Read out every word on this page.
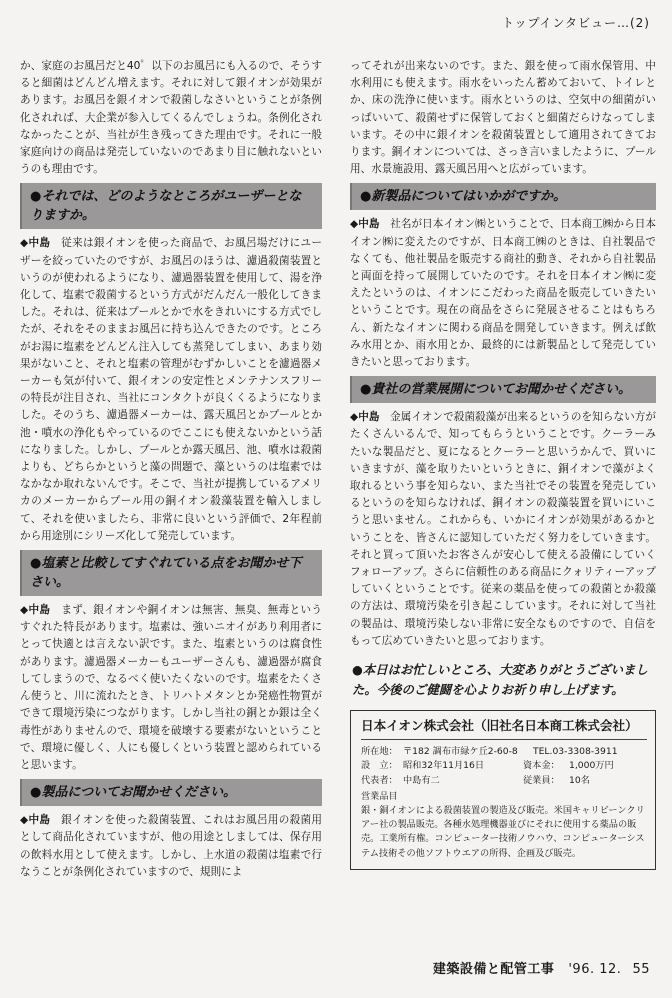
トップインタビュー…(2)

か、家庭のお風呂だと40゜以下のお風呂にも入るので、そうすると細菌はどんどん増えます。それに対して銀イオンが効果があります。お風呂を銀イオンで殺菌しなさいということが条例化されれば、大企業が参入してくるんでしょうね。条例化されなかったことが、当社が生き残ってきた理由です。それに一般家庭向けの商品は発売していないのであまり目に触れないというのも理由です。

●それでは、どのようなところがユーザーとなりますか。

◆中島　 従来は銀イオンを使った商品で、お風呂場だけにユーザーを絞っていたのですが、お風呂のほうは、濾過殺菌装置というのが使われるようになり、濾過器装置を使用して、湯を浄化して、塩素で殺菌するという方式がだんだん一般化してきました。それは、従来はプールとかで水をきれいにする方式でしたが、それをそのままお風呂に持ち込んできたのです。ところがお湯に塩素をどんどん注入しても蒸発してしまい、あまり効果がないこと、それと塩素の管理がむずかしいことを濾過器メーカーも気が付いて、銀イオンの安定性とメンテナンスフリーの特長が注目され、当社にコンタクトが良くくるようになりました。そのうち、濾過器メーカーは、露天風呂とかプールとか池・噴水の浄化もやっているのでここにも使えないかという話になりました。しかし、プールとか露天風呂、池、噴水は殺菌よりも、どちらかというと藻の問題で、藻というのは塩素ではなかなか取れないんです。そこで、当社が提携しているアメリカのメーカーからプール用の銅イオン殺藻装置を輸入しまして、それを使いましたら、非常に良いという評価で、2年程前から用途別にシリーズ化して発売しています。

●塩素と比較してすぐれている点をお聞かせ下さい。

◆中島　 まず、銀イオンや銅イオンは無害、無臭、無毒というすぐれた特長があります。塩素は、強いニオイがあり利用者にとって快適とは言えない訳です。また、塩素というのは腐食性があります。濾過器メーカーもユーザーさんも、濾過器が腐食してしまうので、なるべく使いたくないのです。塩素をたくさん使うと、川に流れたとき、トリハトメタンとか発癌性物質ができて環境汚染につながります。しかし当社の銅とか銀は全く毒性がありませんので、環境を破壊する要素がないということで、環境に優しく、人にも優しくという装置と認められていると思います。

●製品についてお聞かせください。

◆中島　 銀イオンを使った殺菌装置、これはお風呂用の殺菌用として商品化されていますが、他の用途としましては、保存用の飲料水用として使えます。しかし、上水道の殺菌は塩素で行なうことが条例化されていますので、規則によ

ってそれが出来ないのです。また、銀を使って雨水保管用、中水利用にも使えます。雨水をいったん蓄めておいて、トイレとか、床の洗浄に使います。雨水というのは、空気中の細菌がいっぱいいて、殺菌せずに保管しておくと細菌だらけなってしまいます。その中に銀イオンを殺菌装置として適用されてきております。銅イオンについては、さっき言いましたように、プール用、水景施設用、露天風呂用へと広がっています。

●新製品についてはいかがですか。

◆中島　 社名が日本イオン㈱ということで、日本商工㈱から日本イオン㈱に変えたのですが、日本商工㈱のときは、自社製品でなくても、他社製品を販売する商社的動き、それから自社製品と両面を持って展開していたのです。それを日本イオン㈱に変えたというのは、イオンにこだわった商品を販売していきたいということです。現在の商品をさらに発展させることはもちろん、新たなイオンに関わる商品を開発していきます。例えば飲み水用とか、雨水用とか、最終的には新製品として発売していきたいと思っております。

●貴社の営業展開についてお聞かせください。

◆中島　 金属イオンで殺菌殺藻が出来るというのを知らない方がたくさんいるんで、知ってもらうということです。クーラーみたいな製品だと、夏になるとクーラーと思いうかんで、買いにいきますが、藻を取りたいというときに、銅イオンで藻がよく取れるという事を知らない、また当社でその装置を発売しているというのを知らなければ、銅イオンの殺藻装置を買いにいこうと思いません。これからも、いかにイオンが効果があるかということを、皆さんに認知していただく努力をしていきます。それと買って頂いたお客さんが安心して使える設備にしていくフォローアップ。さらに信頼性のある商品にクォリティーアップしていくということです。従来の薬品を使っての殺菌とか殺藻の方法は、環境汚染を引き起こしています。それに対して当社の製品は、環境汚染しない非常に安全なものですので、自信をもって広めていきたいと思っております。

●本日はお忙しいところ、大変ありがとうございました。今後のご健闘を心よりお祈り申し上げます。
日本イオン株式会社（旧社名日本商工株式会社）
所在地： 〒182 調布市緑ケ丘2-60-8 TEL.03-3308-3911
設　立： 昭和32年11月16日	資本金： 1,000万円
代表者： 中島有二	従業員： 10名
営業品目
銀・銅イオンによる殺菌装置の製造及び販売。米国キャリビーンクリアー社の製品販売。各種水処理機器並びにそれに使用する薬品の販売。工業所有権。コンピューター技術ノウハウ、コンピューターシステム技術その他ソフトウエアの所得、企画及び販売。
建築設備と配管工事 '96. 12. 55
